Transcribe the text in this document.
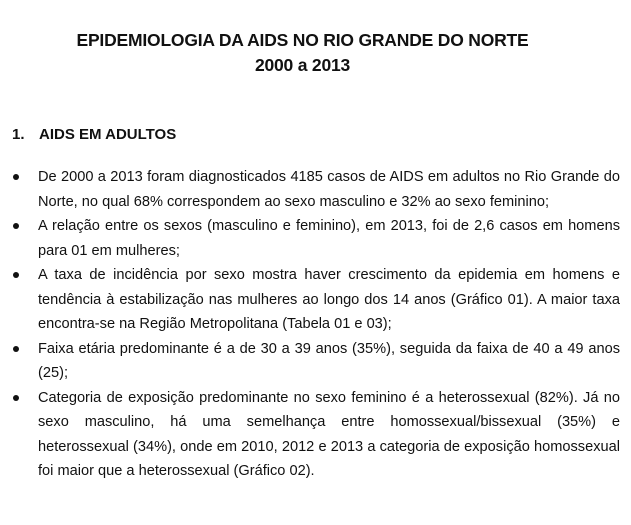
EPIDEMIOLOGIA DA AIDS NO RIO GRANDE DO NORTE
2000 a 2013
1. AIDS EM ADULTOS
De 2000 a 2013 foram diagnosticados 4185 casos de AIDS em adultos no Rio Grande do Norte, no qual 68% correspondem ao sexo masculino e 32% ao sexo feminino;
A relação entre os sexos (masculino e feminino), em 2013, foi de 2,6 casos em homens para 01 em mulheres;
A taxa de incidência por sexo mostra haver crescimento da epidemia em homens e tendência à estabilização nas mulheres ao longo dos 14 anos (Gráfico 01). A maior taxa encontra-se na Região Metropolitana (Tabela 01 e 03);
Faixa etária predominante é a de 30 a 39 anos (35%), seguida da faixa de 40 a 49 anos (25);
Categoria de exposição predominante no sexo feminino é a heterossexual (82%). Já no sexo masculino, há uma semelhança entre homossexual/bissexual (35%) e heterossexual (34%), onde em 2010, 2012 e 2013 a categoria de exposição homossexual foi maior que a heterossexual (Gráfico 02).
